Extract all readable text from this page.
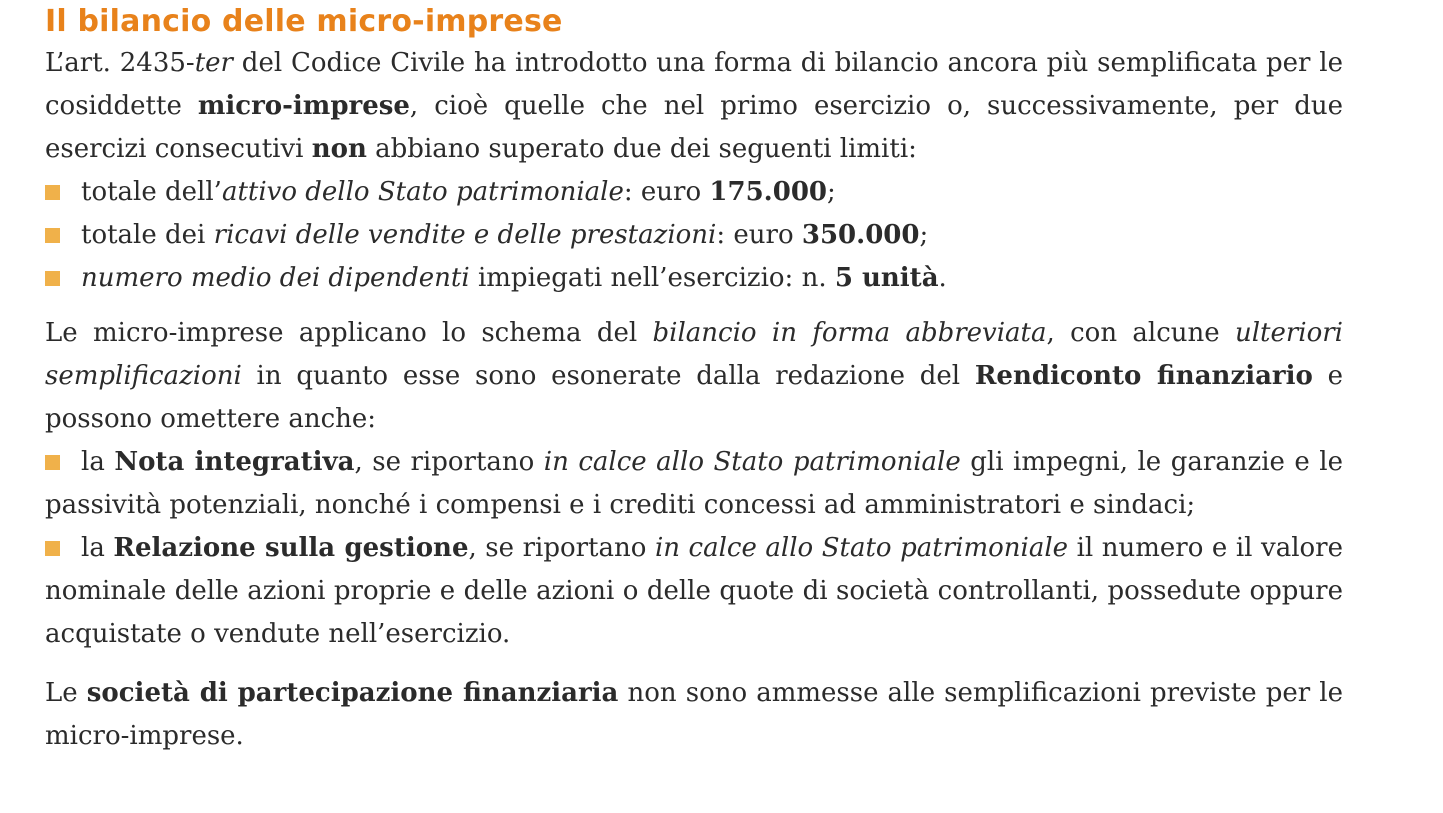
Il bilancio delle micro-imprese

L’art. 2435-ter del Codice Civile ha introdotto una forma di bilancio ancora più semplificata per le cosiddette micro-imprese, cioè quelle che nel primo esercizio o, successivamente, per due esercizi consecutivi non abbiano superato due dei seguenti limiti:

totale dell’attivo dello Stato patrimoniale: euro 175.000;
totale dei ricavi delle vendite e delle prestazioni: euro 350.000;
numero medio dei dipendenti impiegati nell’esercizio: n. 5 unità.

Le micro-imprese applicano lo schema del bilancio in forma abbreviata, con alcune ulteriori semplificazioni in quanto esse sono esonerate dalla redazione del Rendiconto finanziario e possono omettere anche:

la Nota integrativa, se riportano in calce allo Stato patrimoniale gli impegni, le garanzie e le passività potenziali, nonché i compensi e i crediti concessi ad amministratori e sindaci;
la Relazione sulla gestione, se riportano in calce allo Stato patrimoniale il numero e il valore nominale delle azioni proprie e delle azioni o delle quote di società controllanti, possedute oppure acquistate o vendute nell’esercizio.

Le società di partecipazione finanziaria non sono ammesse alle semplificazioni previste per le micro-imprese.
